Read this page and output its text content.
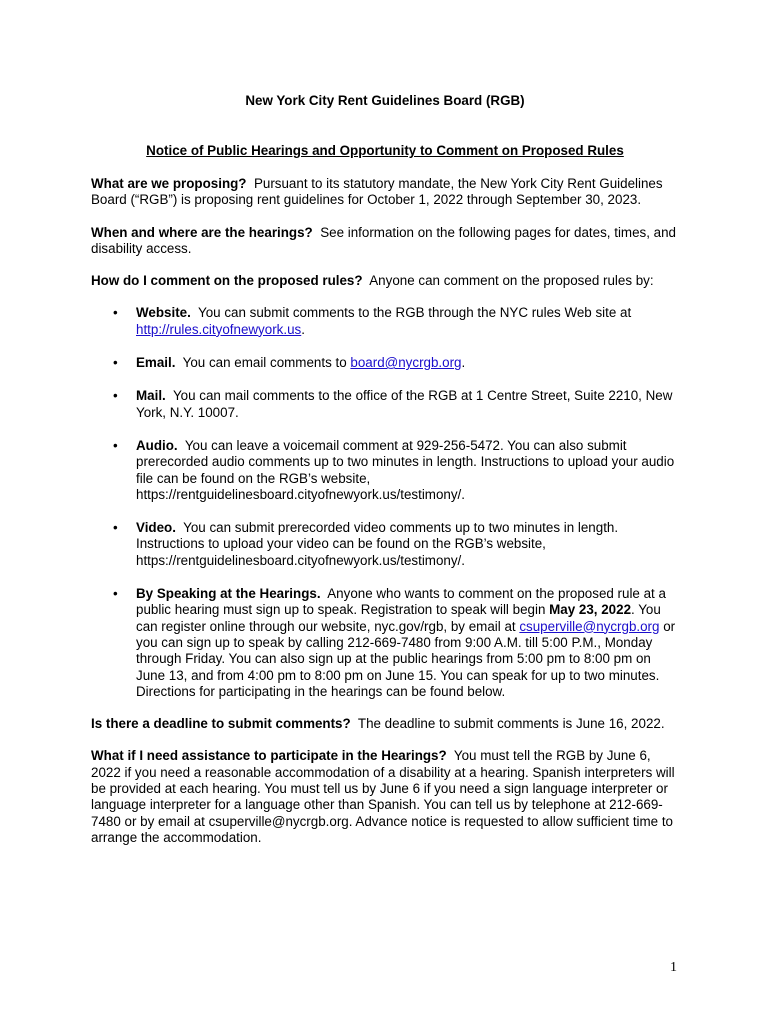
New York City Rent Guidelines Board (RGB)
Notice of Public Hearings and Opportunity to Comment on Proposed Rules

What are we proposing? Pursuant to its statutory mandate, the New York City Rent Guidelines Board (“RGB”) is proposing rent guidelines for October 1, 2022 through September 30, 2023.

When and where are the hearings? See information on the following pages for dates, times, and disability access.

How do I comment on the proposed rules? Anyone can comment on the proposed rules by:

• Website. You can submit comments to the RGB through the NYC rules Web site at http://rules.cityofnewyork.us.
• Email. You can email comments to board@nycrgb.org.
• Mail. You can mail comments to the office of the RGB at 1 Centre Street, Suite 2210, New York, N.Y. 10007.
• Audio. You can leave a voicemail comment at 929-256-5472. You can also submit prerecorded audio comments up to two minutes in length. Instructions to upload your audio file can be found on the RGB’s website, https://rentguidelinesboard.cityofnewyork.us/testimony/.
• Video. You can submit prerecorded video comments up to two minutes in length. Instructions to upload your video can be found on the RGB’s website, https://rentguidelinesboard.cityofnewyork.us/testimony/.
• By Speaking at the Hearings. Anyone who wants to comment on the proposed rule at a public hearing must sign up to speak. Registration to speak will begin May 23, 2022. You can register online through our website, nyc.gov/rgb, by email at csuperville@nycrgb.org or you can sign up to speak by calling 212-669-7480 from 9:00 A.M. till 5:00 P.M., Monday through Friday. You can also sign up at the public hearings from 5:00 pm to 8:00 pm on June 13, and from 4:00 pm to 8:00 pm on June 15. You can speak for up to two minutes. Directions for participating in the hearings can be found below.

Is there a deadline to submit comments? The deadline to submit comments is June 16, 2022.

What if I need assistance to participate in the Hearings? You must tell the RGB by June 6, 2022 if you need a reasonable accommodation of a disability at a hearing. Spanish interpreters will be provided at each hearing. You must tell us by June 6 if you need a sign language interpreter or language interpreter for a language other than Spanish. You can tell us by telephone at 212-669-7480 or by email at csuperville@nycrgb.org. Advance notice is requested to allow sufficient time to arrange the accommodation.

1
